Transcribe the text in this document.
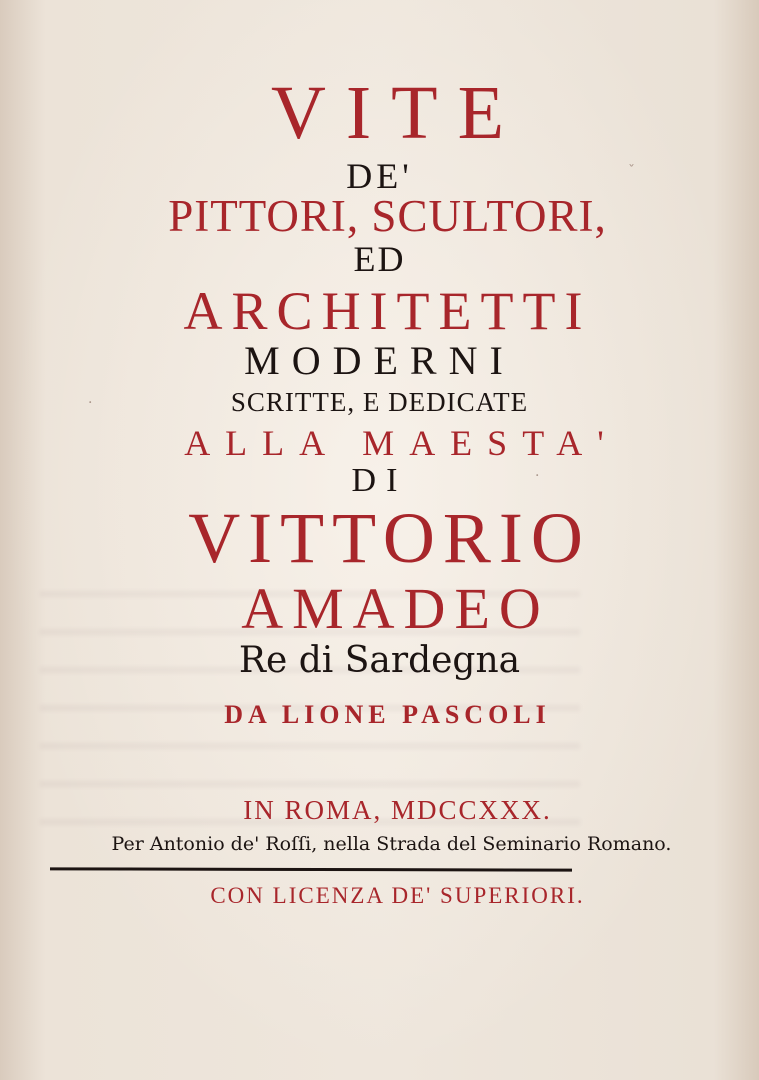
VITE
DE'
PITTORI, SCULTORI,
ED
ARCHITETTI
MODERNI
SCRITTE, E DEDICATE
ALLA MAESTA'
DI
VITTORIO
AMADEO
Re di Sardegna
DA LIONE PASCOLI
IN ROMA, MDCCXXX.
Per Antonio de' Roſſi, nella Strada del Seminario Romano.
CON LICENZA DE' SUPERIORI.
ˇ
·
·
